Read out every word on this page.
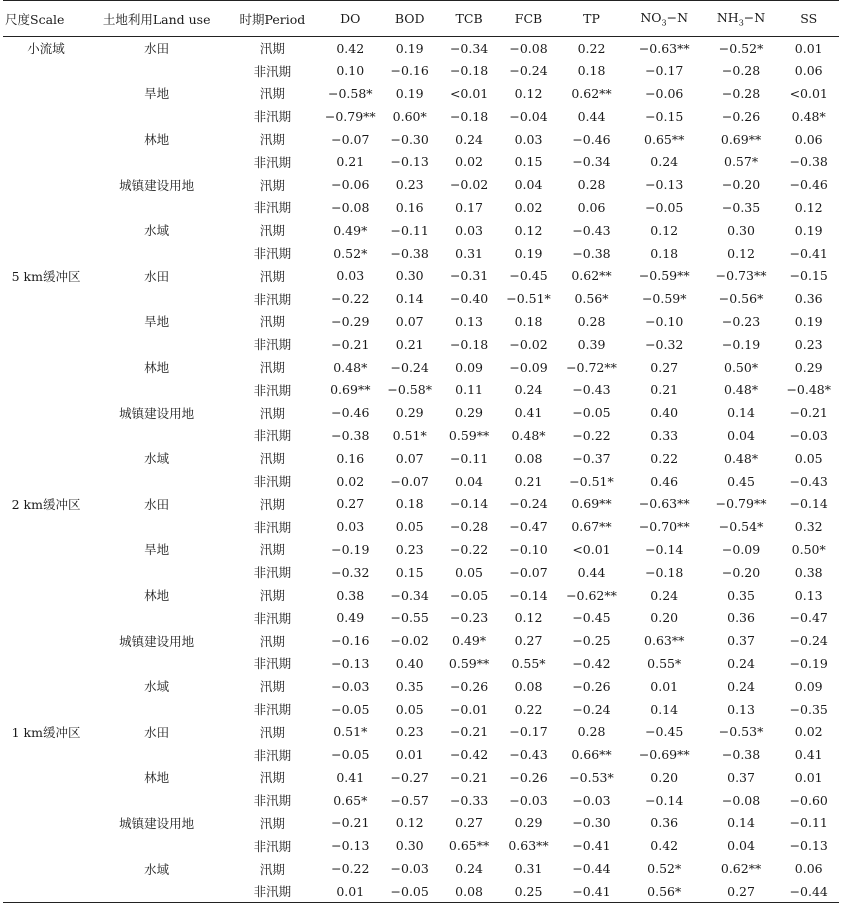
尺度Scale	土地利用Land use	时期Period	DO	BOD	TCB	FCB	TP	$NO_3-N$	$NH_3-N$	SS
小流域	水田	汛期	0.42	0.19	−0.34	−0.08	0.22	−0.63**	−0.52*	0.01
		非汛期	0.10	−0.16	−0.18	−0.24	0.18	−0.17	−0.28	0.06
	旱地	汛期	−0.58*	0.19	<0.01	0.12	0.62**	−0.06	−0.28	<0.01
		非汛期	−0.79**	0.60*	−0.18	−0.04	0.44	−0.15	−0.26	0.48*
	林地	汛期	−0.07	−0.30	0.24	0.03	−0.46	0.65**	0.69**	0.06
		非汛期	0.21	−0.13	0.02	0.15	−0.34	0.24	0.57*	−0.38
	城镇建设用地	汛期	−0.06	0.23	−0.02	0.04	0.28	−0.13	−0.20	−0.46
		非汛期	−0.08	0.16	0.17	0.02	0.06	−0.05	−0.35	0.12
	水域	汛期	0.49*	−0.11	0.03	0.12	−0.43	0.12	0.30	0.19
		非汛期	0.52*	−0.38	0.31	0.19	−0.38	0.18	0.12	−0.41
5 km缓冲区	水田	汛期	0.03	0.30	−0.31	−0.45	0.62**	−0.59**	−0.73**	−0.15
		非汛期	−0.22	0.14	−0.40	−0.51*	0.56*	−0.59*	−0.56*	0.36
	旱地	汛期	−0.29	0.07	0.13	0.18	0.28	−0.10	−0.23	0.19
		非汛期	−0.21	0.21	−0.18	−0.02	0.39	−0.32	−0.19	0.23
	林地	汛期	0.48*	−0.24	0.09	−0.09	−0.72**	0.27	0.50*	0.29
		非汛期	0.69**	−0.58*	0.11	0.24	−0.43	0.21	0.48*	−0.48*
	城镇建设用地	汛期	−0.46	0.29	0.29	0.41	−0.05	0.40	0.14	−0.21
		非汛期	−0.38	0.51*	0.59**	0.48*	−0.22	0.33	0.04	−0.03
	水域	汛期	0.16	0.07	−0.11	0.08	−0.37	0.22	0.48*	0.05
		非汛期	0.02	−0.07	0.04	0.21	−0.51*	0.46	0.45	−0.43
2 km缓冲区	水田	汛期	0.27	0.18	−0.14	−0.24	0.69**	−0.63**	−0.79**	−0.14
		非汛期	0.03	0.05	−0.28	−0.47	0.67**	−0.70**	−0.54*	0.32
	旱地	汛期	−0.19	0.23	−0.22	−0.10	<0.01	−0.14	−0.09	0.50*
		非汛期	−0.32	0.15	0.05	−0.07	0.44	−0.18	−0.20	0.38
	林地	汛期	0.38	−0.34	−0.05	−0.14	−0.62**	0.24	0.35	0.13
		非汛期	0.49	−0.55	−0.23	0.12	−0.45	0.20	0.36	−0.47
	城镇建设用地	汛期	−0.16	−0.02	0.49*	0.27	−0.25	0.63**	0.37	−0.24
		非汛期	−0.13	0.40	0.59**	0.55*	−0.42	0.55*	0.24	−0.19
	水域	汛期	−0.03	0.35	−0.26	0.08	−0.26	0.01	0.24	0.09
		非汛期	−0.05	0.05	−0.01	0.22	−0.24	0.14	0.13	−0.35
1 km缓冲区	水田	汛期	0.51*	0.23	−0.21	−0.17	0.28	−0.45	−0.53*	0.02
		非汛期	−0.05	0.01	−0.42	−0.43	0.66**	−0.69**	−0.38	0.41
	林地	汛期	0.41	−0.27	−0.21	−0.26	−0.53*	0.20	0.37	0.01
		非汛期	0.65*	−0.57	−0.33	−0.03	−0.03	−0.14	−0.08	−0.60
	城镇建设用地	汛期	−0.21	0.12	0.27	0.29	−0.30	0.36	0.14	−0.11
		非汛期	−0.13	0.30	0.65**	0.63**	−0.41	0.42	0.04	−0.13
	水域	汛期	−0.22	−0.03	0.24	0.31	−0.44	0.52*	0.62**	0.06
		非汛期	0.01	−0.05	0.08	0.25	−0.41	0.56*	0.27	−0.44
